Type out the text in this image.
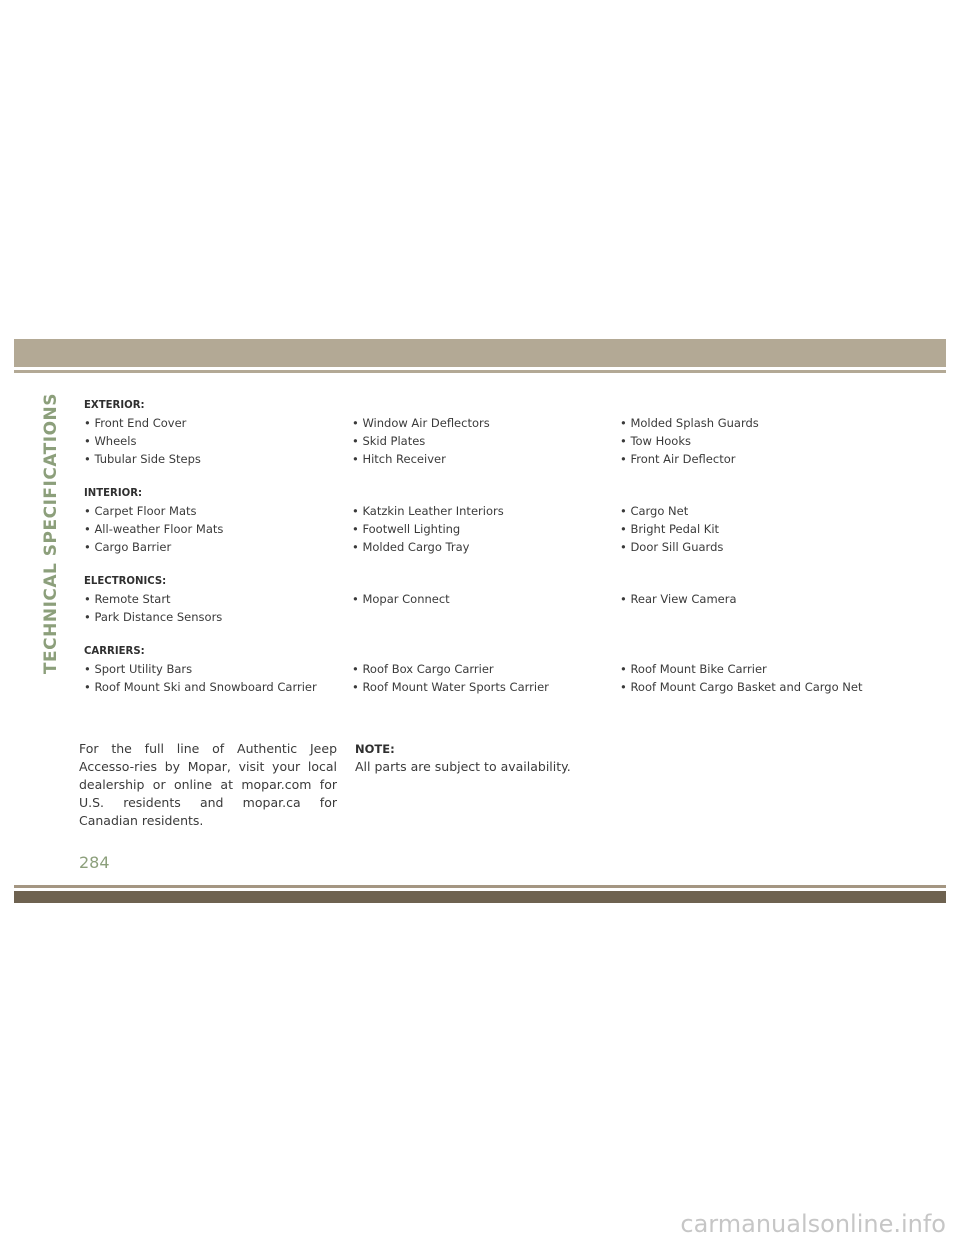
TECHNICAL SPECIFICATIONS EXTERIOR:
• Front End Cover	• Window Air Deflectors	• Molded Splash Guards
• Wheels	• Skid Plates	• Tow Hooks
• Tubular Side Steps	• Hitch Receiver	• Front Air Deflector
INTERIOR:
• Carpet Floor Mats	• Katzkin Leather Interiors	• Cargo Net
• All-weather Floor Mats	• Footwell Lighting	• Bright Pedal Kit
• Cargo Barrier	• Molded Cargo Tray	• Door Sill Guards
ELECTRONICS:
• Remote Start	• Mopar Connect	• Rear View Camera
• Park Distance Sensors
CARRIERS:
• Sport Utility Bars	• Roof Box Cargo Carrier	• Roof Mount Bike Carrier
• Roof Mount Ski and Snowboard Carrier	• Roof Mount Water Sports Carrier	• Roof Mount Cargo Basket and Cargo Net
For the full line of Authentic Jeep Accesso-ries by Mopar, visit your local dealership or online at mopar.com for U.S. residents and mopar.ca for Canadian residents.
NOTE:
All parts are subject to availability.
284
carmanualsonline.info
